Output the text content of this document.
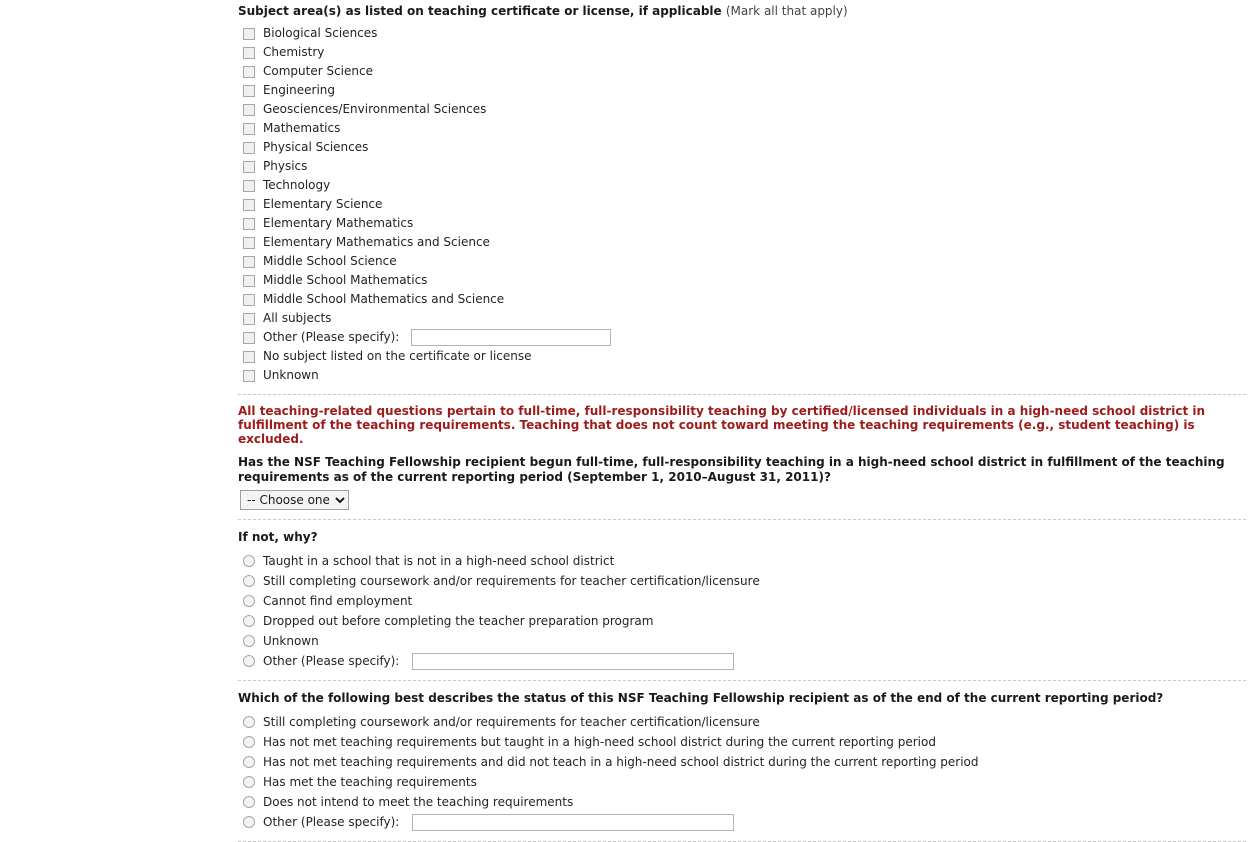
Subject area(s) as listed on teaching certificate or license, if applicable (Mark all that apply)
Biological Sciences
Chemistry
Computer Science
Engineering
Geosciences/Environmental Sciences
Mathematics
Physical Sciences
Physics
Technology
Elementary Science
Elementary Mathematics
Elementary Mathematics and Science
Middle School Science
Middle School Mathematics
Middle School Mathematics and Science
All subjects
Other (Please specify):
No subject listed on the certificate or license
Unknown
All teaching-related questions pertain to full-time, full-responsibility teaching by certified/licensed individuals in a high-need school district in fulfillment of the teaching requirements. Teaching that does not count toward meeting the teaching requirements (e.g., student teaching) is excluded.
Has the NSF Teaching Fellowship recipient begun full-time, full-responsibility teaching in a high-need school district in fulfillment of the teaching requirements as of the current reporting period (September 1, 2010–August 31, 2011)?
-- Choose one
If not, why?
Taught in a school that is not in a high-need school district
Still completing coursework and/or requirements for teacher certification/licensure
Cannot find employment
Dropped out before completing the teacher preparation program
Unknown
Other (Please specify):
Which of the following best describes the status of this NSF Teaching Fellowship recipient as of the end of the current reporting period?
Still completing coursework and/or requirements for teacher certification/licensure
Has not met teaching requirements but taught in a high-need school district during the current reporting period
Has not met teaching requirements and did not teach in a high-need school district during the current reporting period
Has met the teaching requirements
Does not intend to meet the teaching requirements
Other (Please specify):
